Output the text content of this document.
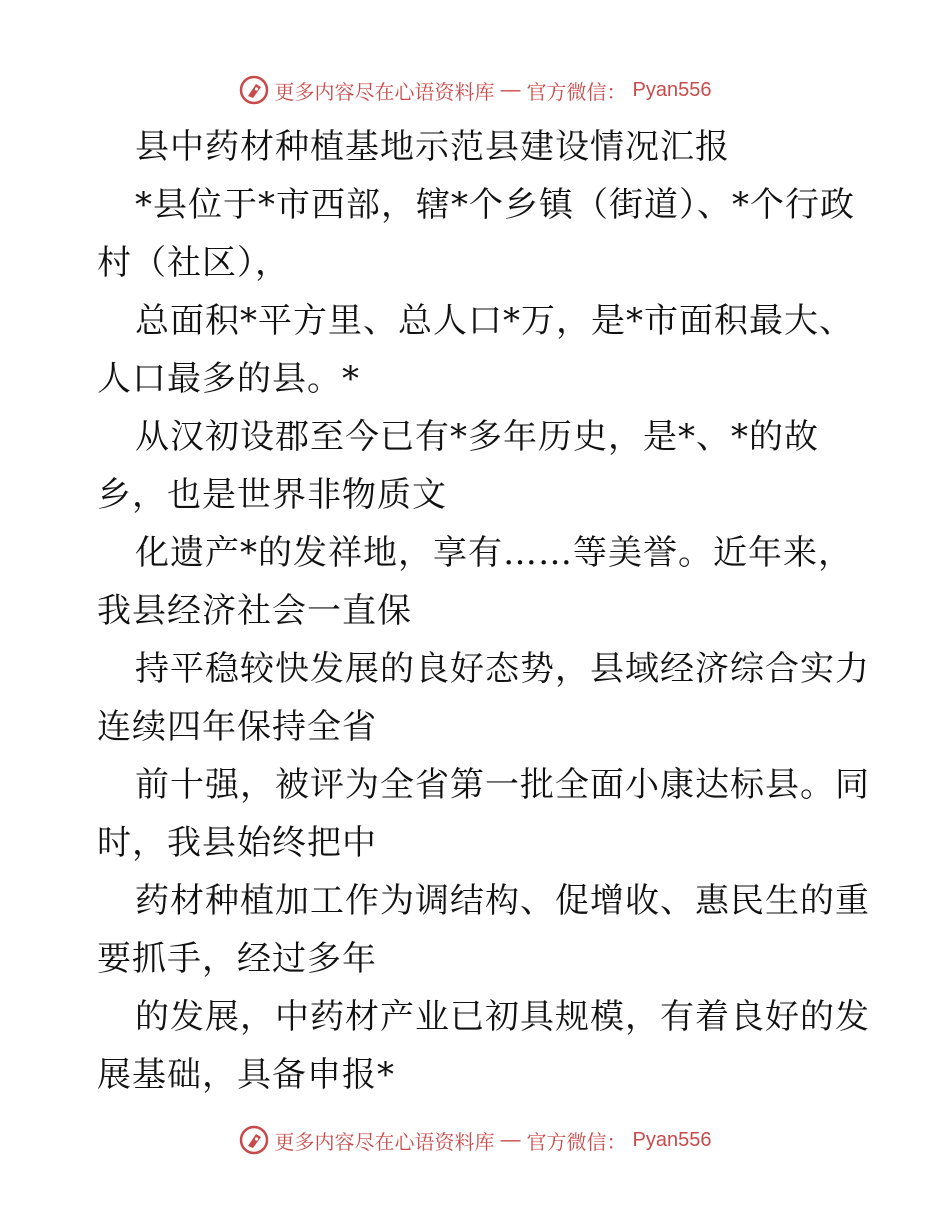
更多内容尽在心语资料库 — 官方微信： Pyan556
县中药材种植基地示范县建设情况汇报
*县位于*市西部，辖*个乡镇（街道）、*个行政
村（社区），
总面积*平方里、总人口*万，是*市面积最大、
人口最多的县。*
从汉初设郡至今已有*多年历史，是*、*的故
乡，也是世界非物质文
化遗产*的发祥地，享有……等美誉。近年来，
我县经济社会一直保
持平稳较快发展的良好态势，县域经济综合实力
连续四年保持全省
前十强，被评为全省第一批全面小康达标县。同
时，我县始终把中
药材种植加工作为调结构、促增收、惠民生的重
要抓手，经过多年
的发展，中药材产业已初具规模，有着良好的发
展基础，具备申报*
更多内容尽在心语资料库 — 官方微信： Pyan556
